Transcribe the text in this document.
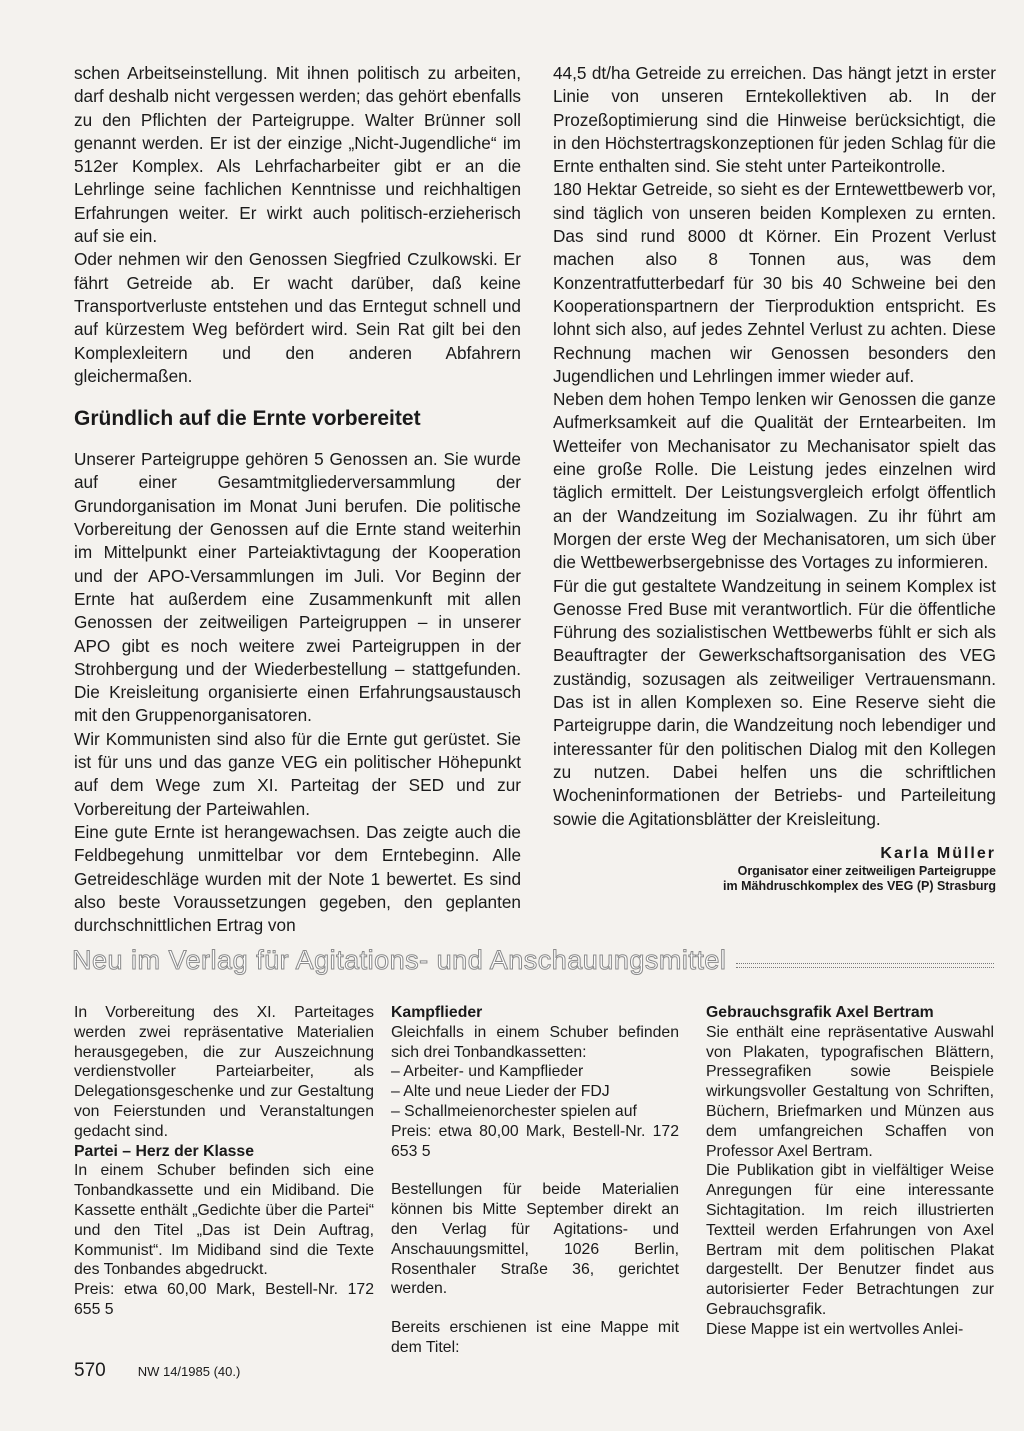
schen Arbeitseinstellung. Mit ihnen politisch zu arbeiten, darf deshalb nicht vergessen werden; das gehört ebenfalls zu den Pflichten der Parteigruppe. Walter Brünner soll genannt werden. Er ist der einzige „Nicht-Jugendliche“ im 512er Komplex. Als Lehrfacharbeiter gibt er an die Lehrlinge seine fachlichen Kenntnisse und reichhaltigen Erfahrungen weiter. Er wirkt auch politisch-erzieherisch auf sie ein.

Oder nehmen wir den Genossen Siegfried Czulkowski. Er fährt Getreide ab. Er wacht darüber, daß keine Transportverluste entstehen und das Erntegut schnell und auf kürzestem Weg befördert wird. Sein Rat gilt bei den Komplexleitern und den anderen Abfahrern gleichermaßen.

Gründlich auf die Ernte vorbereitet

Unserer Parteigruppe gehören 5 Genossen an. Sie wurde auf einer Gesamtmitgliederversammlung der Grundorganisation im Monat Juni berufen. Die politische Vorbereitung der Genossen auf die Ernte stand weiterhin im Mittelpunkt einer Parteiaktivtagung der Kooperation und der APO-Versammlungen im Juli. Vor Beginn der Ernte hat außerdem eine Zusammenkunft mit allen Genossen der zeitweiligen Parteigruppen – in unserer APO gibt es noch weitere zwei Parteigruppen in der Strohbergung und der Wiederbestellung – stattgefunden. Die Kreisleitung organisierte einen Erfahrungsaustausch mit den Gruppenorganisatoren.

Wir Kommunisten sind also für die Ernte gut gerüstet. Sie ist für uns und das ganze VEG ein politischer Höhepunkt auf dem Wege zum XI. Parteitag der SED und zur Vorbereitung der Parteiwahlen.

Eine gute Ernte ist herangewachsen. Das zeigte auch die Feldbegehung unmittelbar vor dem Erntebeginn. Alle Getreideschläge wurden mit der Note 1 bewertet. Es sind also beste Voraussetzungen gegeben, den geplanten durchschnittlichen Ertrag von

44,5 dt/ha Getreide zu erreichen. Das hängt jetzt in erster Linie von unseren Erntekollektiven ab. In der Prozeßoptimierung sind die Hinweise berücksichtigt, die in den Höchstertragskonzeptionen für jeden Schlag für die Ernte enthalten sind. Sie steht unter Parteikontrolle.

180 Hektar Getreide, so sieht es der Erntewettbewerb vor, sind täglich von unseren beiden Komplexen zu ernten. Das sind rund 8000 dt Körner. Ein Prozent Verlust machen also 8 Tonnen aus, was dem Konzentratfutterbedarf für 30 bis 40 Schweine bei den Kooperationspartnern der Tierproduktion entspricht. Es lohnt sich also, auf jedes Zehntel Verlust zu achten. Diese Rechnung machen wir Genossen besonders den Jugendlichen und Lehrlingen immer wieder auf.

Neben dem hohen Tempo lenken wir Genossen die ganze Aufmerksamkeit auf die Qualität der Erntearbeiten. Im Wetteifer von Mechanisator zu Mechanisator spielt das eine große Rolle. Die Leistung jedes einzelnen wird täglich ermittelt. Der Leistungsvergleich erfolgt öffentlich an der Wandzeitung im Sozialwagen. Zu ihr führt am Morgen der erste Weg der Mechanisatoren, um sich über die Wettbewerbsergebnisse des Vortages zu informieren.

Für die gut gestaltete Wandzeitung in seinem Komplex ist Genosse Fred Buse mit verantwortlich. Für die öffentliche Führung des sozialistischen Wettbewerbs fühlt er sich als Beauftragter der Gewerkschaftsorganisation des VEG zuständig, sozusagen als zeitweiliger Vertrauensmann. Das ist in allen Komplexen so. Eine Reserve sieht die Parteigruppe darin, die Wandzeitung noch lebendiger und interessanter für den politischen Dialog mit den Kollegen zu nutzen. Dabei helfen uns die schriftlichen Wocheninformationen der Betriebs- und Parteileitung sowie die Agitationsblätter der Kreisleitung.

Karla Müller
Organisator einer zeitweiligen Parteigruppe
im Mähdruschkomplex des VEG (P) Strasburg
Neu im Verlag für Agitations- und Anschauungsmittel

In Vorbereitung des XI. Parteitages werden zwei repräsentative Materialien herausgegeben, die zur Auszeichnung verdienstvoller Parteiarbeiter, als Delegationsgeschenke und zur Gestaltung von Feierstunden und Veranstaltungen gedacht sind.

Partei – Herz der Klasse

In einem Schuber befinden sich eine Tonbandkassette und ein Midiband. Die Kassette enthält „Gedichte über die Partei“ und den Titel „Das ist Dein Auftrag, Kommunist“. Im Midiband sind die Texte des Tonbandes abgedruckt.

Preis: etwa 60,00 Mark, Bestell-Nr. 172 655 5

Kampflieder

Gleichfalls in einem Schuber befinden sich drei Tonbandkassetten:

– Arbeiter- und Kampflieder

– Alte und neue Lieder der FDJ

– Schallmeienorchester spielen auf

Preis: etwa 80,00 Mark, Bestell-Nr. 172 653 5

Bestellungen für beide Materialien können bis Mitte September direkt an den Verlag für Agitations- und Anschauungsmittel, 1026 Berlin, Rosenthaler Straße 36, gerichtet werden.

Bereits erschienen ist eine Mappe mit dem Titel:

Gebrauchsgrafik Axel Bertram

Sie enthält eine repräsentative Auswahl von Plakaten, typografischen Blättern, Pressegrafiken sowie Beispiele wirkungsvoller Gestaltung von Schriften, Büchern, Briefmarken und Münzen aus dem umfangreichen Schaffen von Professor Axel Bertram.

Die Publikation gibt in vielfältiger Weise Anregungen für eine interessante Sichtagitation. Im reich illustrierten Textteil werden Erfahrungen von Axel Bertram mit dem politischen Plakat dargestellt. Der Benutzer findet aus autorisierter Feder Betrachtungen zur Gebrauchsgrafik.

Diese Mappe ist ein wertvolles Anlei-

570 NW 14/1985 (40.)
